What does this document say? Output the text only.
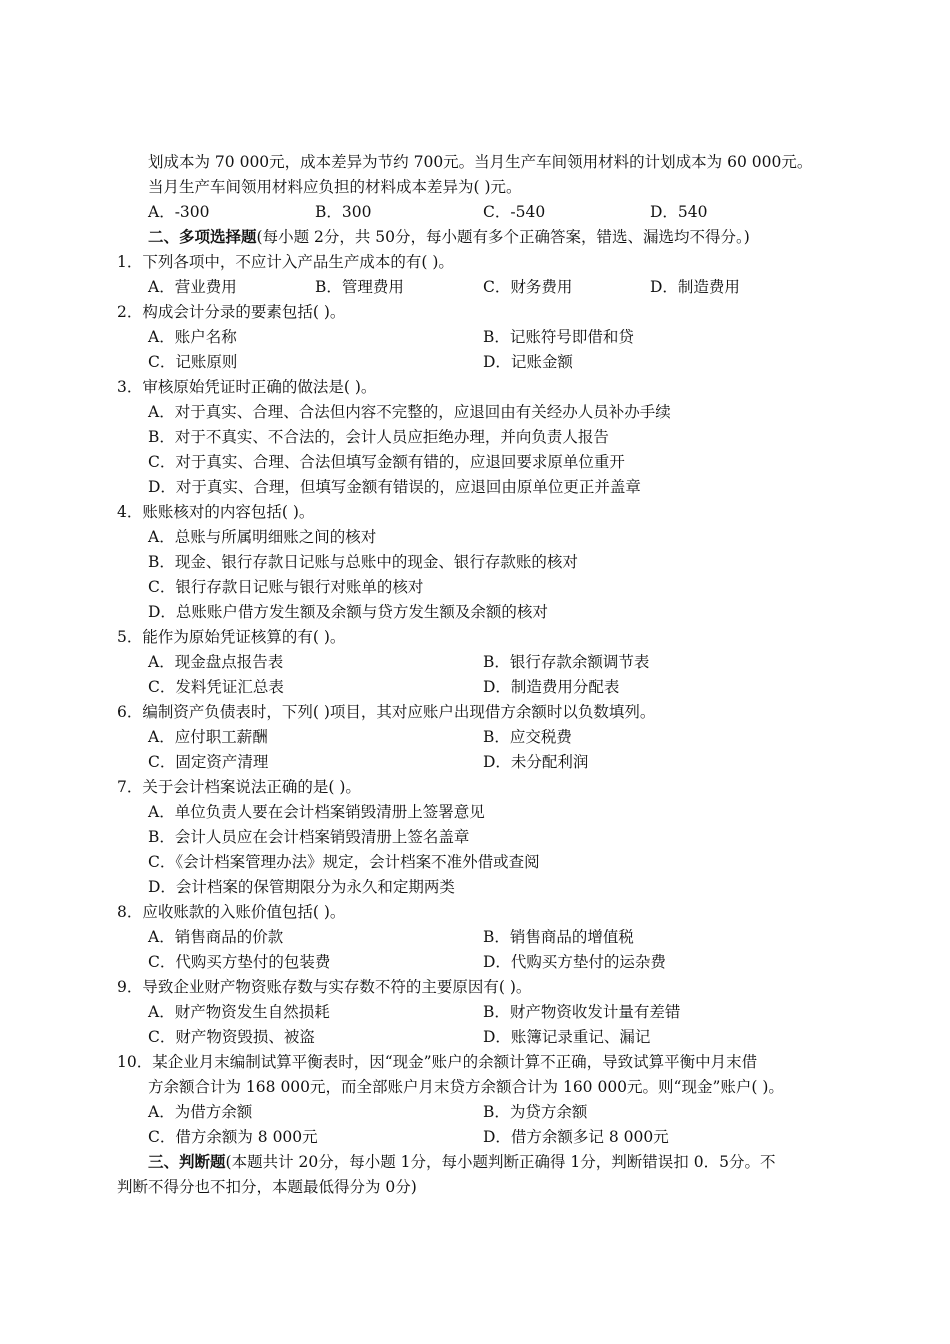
划成本为 70 000元，成本差异为节约 700元。当月生产车间领用材料的计划成本为 60 000元。
当月生产车间领用材料应负担的材料成本差异为( )元。
A．-300	B．300	C．-540	D．540
二、多项选择题(每小题 2分，共 50分，每小题有多个正确答案，错选、漏选均不得分。)
1．下列各项中，不应计入产品生产成本的有( )。
A．营业费用	B．管理费用	C．财务费用	D．制造费用
2．构成会计分录的要素包括( )。
A．账户名称	B．记账符号即借和贷
C．记账原则	D．记账金额
3．审核原始凭证时正确的做法是( )。
A．对于真实、合理、合法但内容不完整的，应退回由有关经办人员补办手续
B．对于不真实、不合法的，会计人员应拒绝办理，并向负责人报告
C．对于真实、合理、合法但填写金额有错的，应退回要求原单位重开
D．对于真实、合理，但填写金额有错误的，应退回由原单位更正并盖章
4．账账核对的内容包括( )。
A．总账与所属明细账之间的核对
B．现金、银行存款日记账与总账中的现金、银行存款账的核对
C．银行存款日记账与银行对账单的核对
D．总账账户借方发生额及余额与贷方发生额及余额的核对
5．能作为原始凭证核算的有( )。
A．现金盘点报告表	B．银行存款余额调节表
C．发料凭证汇总表	D．制造费用分配表
6．编制资产负债表时，下列( )项目，其对应账户出现借方余额时以负数填列。
A．应付职工薪酬	B．应交税费
C．固定资产清理	D．未分配利润
7．关于会计档案说法正确的是( )。
A．单位负责人要在会计档案销毁清册上签署意见
B．会计人员应在会计档案销毁清册上签名盖章
C．《会计档案管理办法》规定，会计档案不准外借或查阅
D．会计档案的保管期限分为永久和定期两类
8．应收账款的入账价值包括( )。
A．销售商品的价款	B．销售商品的增值税
C．代购买方垫付的包装费	D．代购买方垫付的运杂费
9．导致企业财产物资账存数与实存数不符的主要原因有( )。
A．财产物资发生自然损耗	B．财产物资收发计量有差错
C．财产物资毁损、被盗	D．账簿记录重记、漏记
10．某企业月末编制试算平衡表时，因“现金”账户的余额计算不正确，导致试算平衡中月末借
方余额合计为 168 000元，而全部账户月末贷方余额合计为 160 000元。则“现金”账户( )。
A．为借方余额	B．为贷方余额
C．借方余额为 8 000元	D．借方余额多记 8 000元
三、判断题(本题共计 20分，每小题 1分，每小题判断正确得 1分，判断错误扣 0．5分。不
判断不得分也不扣分，本题最低得分为 0分)
